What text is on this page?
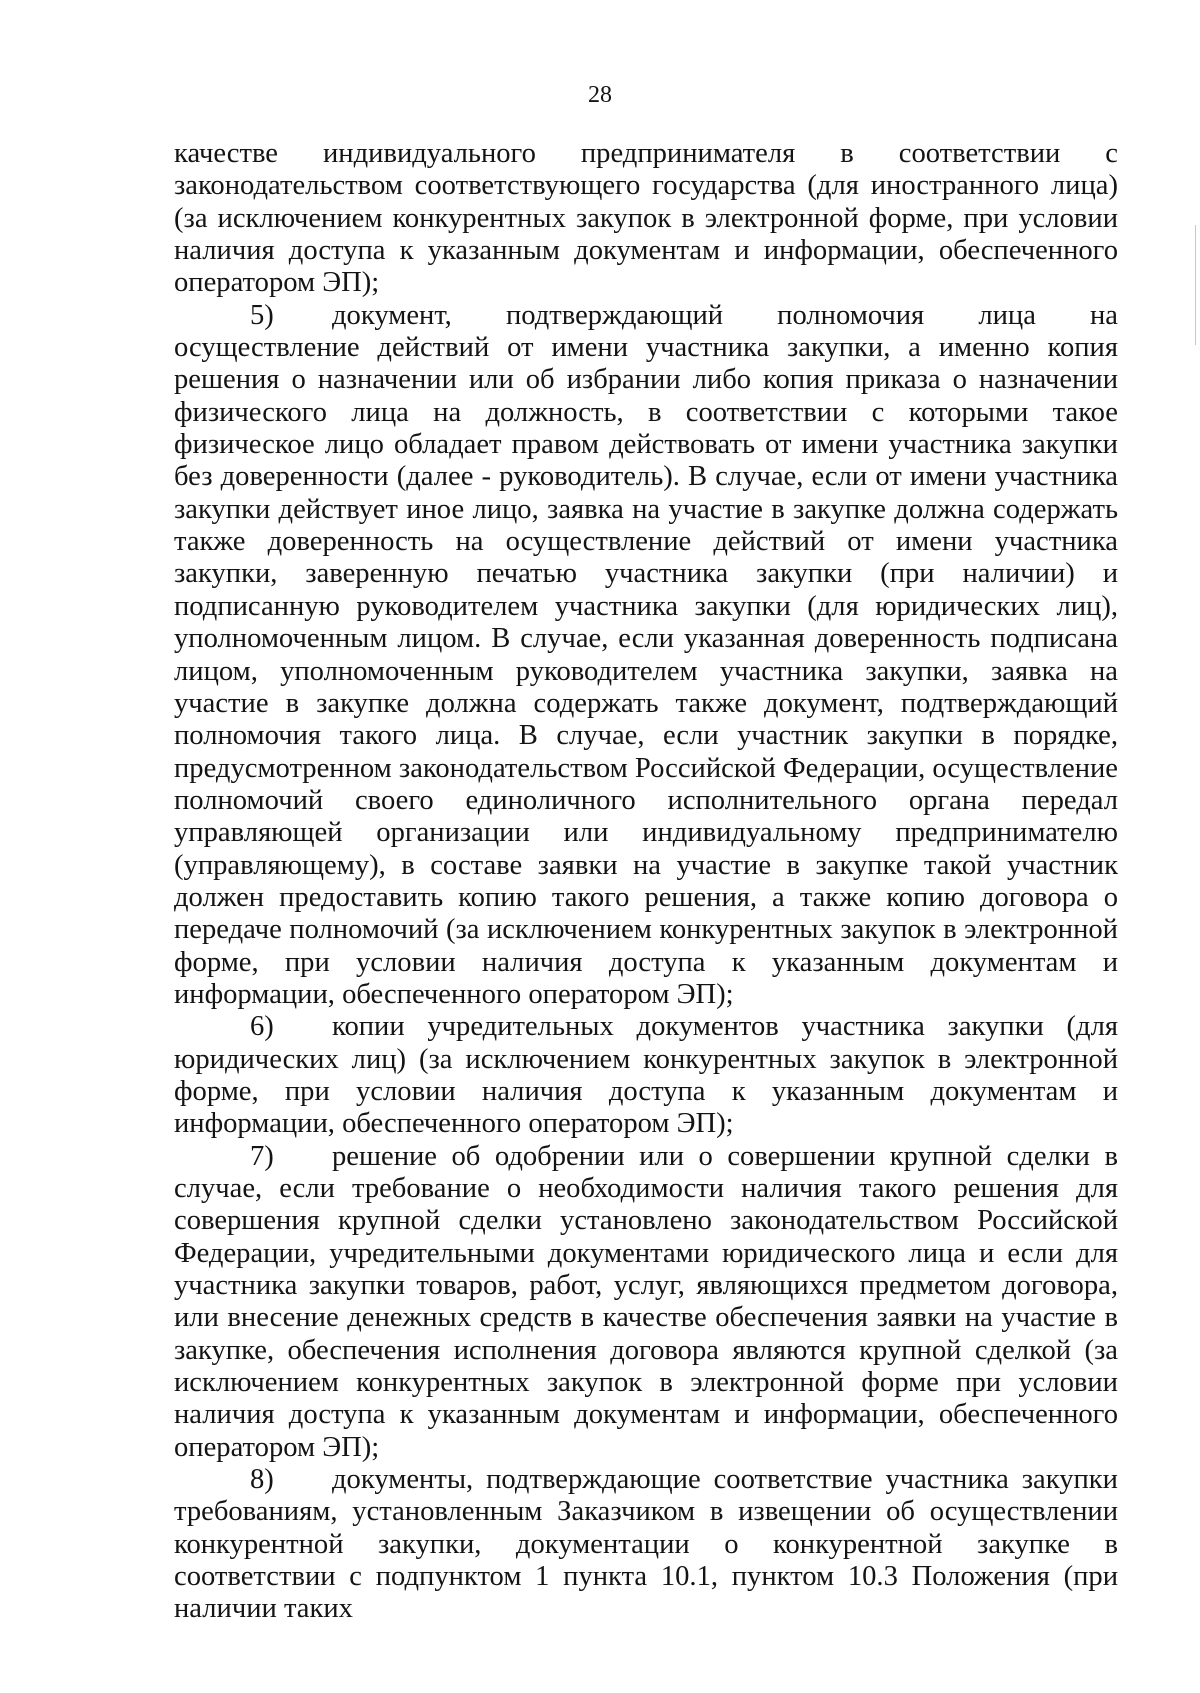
28

качестве индивидуального предпринимателя в соответствии с законодательством соответствующего государства (для иностранного лица) (за исключением конкурентных закупок в электронной форме, при условии наличия доступа к указанным документам и информации, обеспеченного оператором ЭП);

5) документ, подтверждающий полномочия лица на осуществление действий от имени участника закупки, а именно копия решения о назначении или об избрании либо копия приказа о назначении физического лица на должность, в соответствии с которыми такое физическое лицо обладает правом действовать от имени участника закупки без доверенности (далее - руководитель). В случае, если от имени участника закупки действует иное лицо, заявка на участие в закупке должна содержать также доверенность на осуществление действий от имени участника закупки, заверенную печатью участника закупки (при наличии) и подписанную руководителем участника закупки (для юридических лиц), уполномоченным лицом. В случае, если указанная доверенность подписана лицом, уполномоченным руководителем участника закупки, заявка на участие в закупке должна содержать также документ, подтверждающий полномочия такого лица. В случае, если участник закупки в порядке, предусмотренном законодательством Российской Федерации, осуществление полномочий своего единоличного исполнительного органа передал управляющей организации или индивидуальному предпринимателю (управляющему), в составе заявки на участие в закупке такой участник должен предоставить копию такого решения, а также копию договора о передаче полномочий (за исключением конкурентных закупок в электронной форме, при условии наличия доступа к указанным документам и информации, обеспеченного оператором ЭП);

6) копии учредительных документов участника закупки (для юридических лиц) (за исключением конкурентных закупок в электронной форме, при условии наличия доступа к указанным документам и информации, обеспеченного оператором ЭП);

7) решение об одобрении или о совершении крупной сделки в случае, если требование о необходимости наличия такого решения для совершения крупной сделки установлено законодательством Российской Федерации, учредительными документами юридического лица и если для участника закупки товаров, работ, услуг, являющихся предметом договора, или внесение денежных средств в качестве обеспечения заявки на участие в закупке, обеспечения исполнения договора являются крупной сделкой (за исключением конкурентных закупок в электронной форме при условии наличия доступа к указанным документам и информации, обеспеченного оператором ЭП);

8) документы, подтверждающие соответствие участника закупки требованиям, установленным Заказчиком в извещении об осуществлении конкурентной закупки, документации о конкурентной закупке в соответствии с подпунктом 1 пункта 10.1, пунктом 10.3 Положения (при наличии таких
